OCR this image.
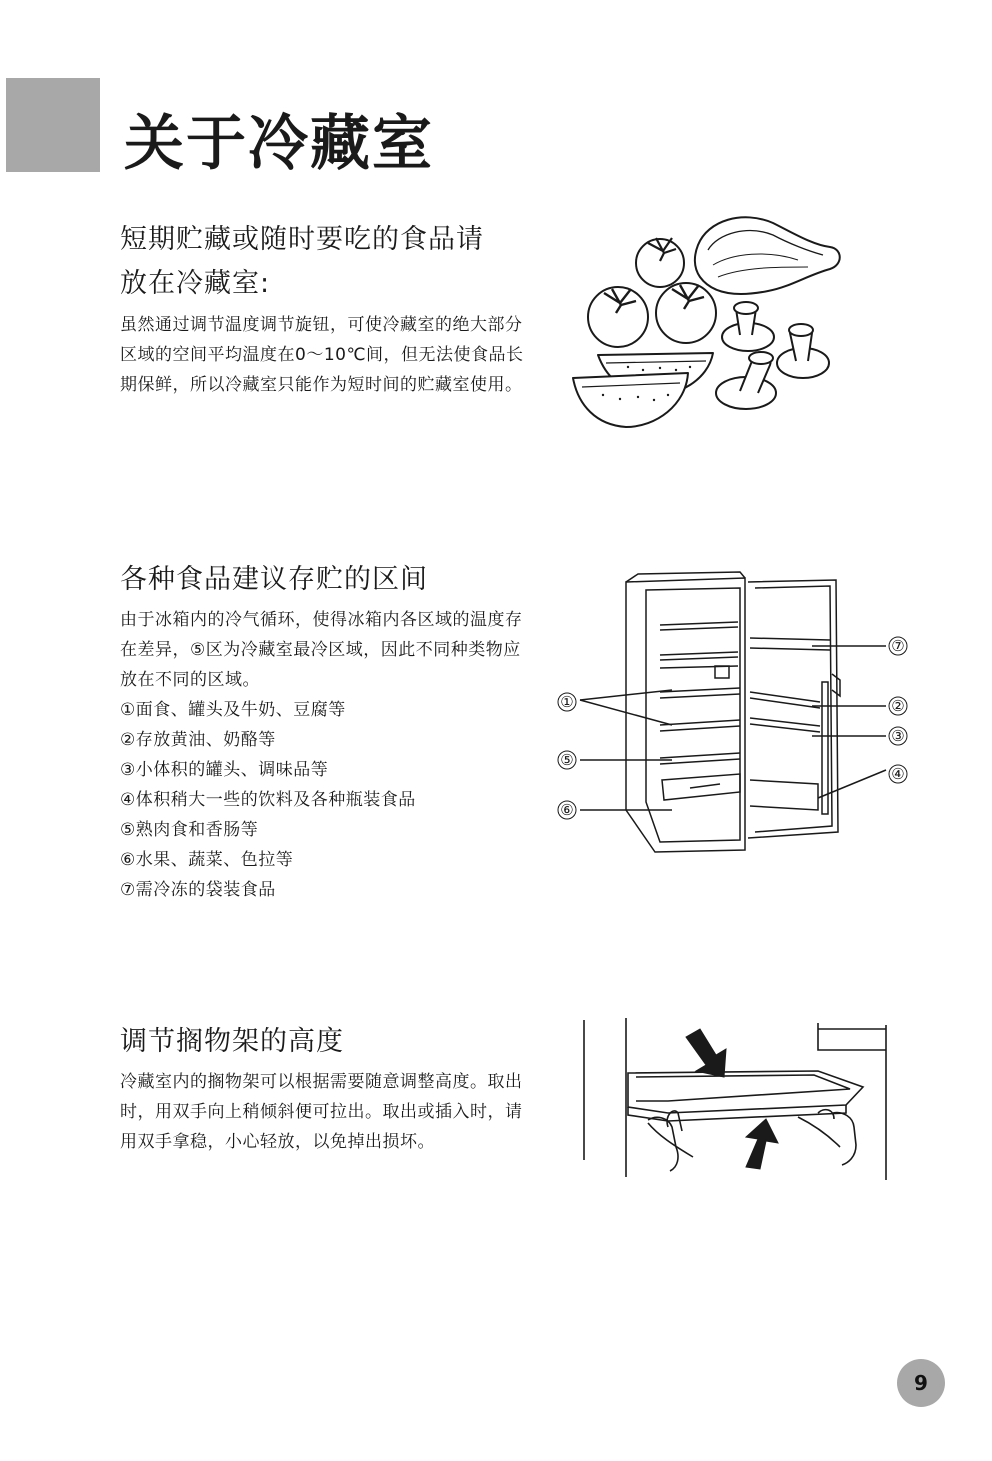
关于冷藏室
短期贮藏或随时要吃的食品请
放在冷藏室:

虽然通过调节温度调节旋钮，可使冷藏室的绝大部分区域的空间平均温度在0～10℃间，但无法使食品长期保鲜，所以冷藏室只能作为短时间的贮藏室使用。

各种食品建议存贮的区间

由于冰箱内的冷气循环，使得冰箱内各区域的温度存在差异，⑤区为冷藏室最冷区域，因此不同种类物应放在不同的区域。

①面食、罐头及牛奶、豆腐等
②存放黄油、奶酪等
③小体积的罐头、调味品等
④体积稍大一些的饮料及各种瓶装食品
⑤熟肉食和香肠等
⑥水果、蔬菜、色拉等
⑦需冷冻的袋装食品
①
⑤
⑥
⑦
②
③
④
调节搁物架的高度

冷藏室内的搁物架可以根据需要随意调整高度。取出时，用双手向上稍倾斜便可拉出。取出或插入时，请用双手拿稳，小心轻放，以免掉出损坏。

9
